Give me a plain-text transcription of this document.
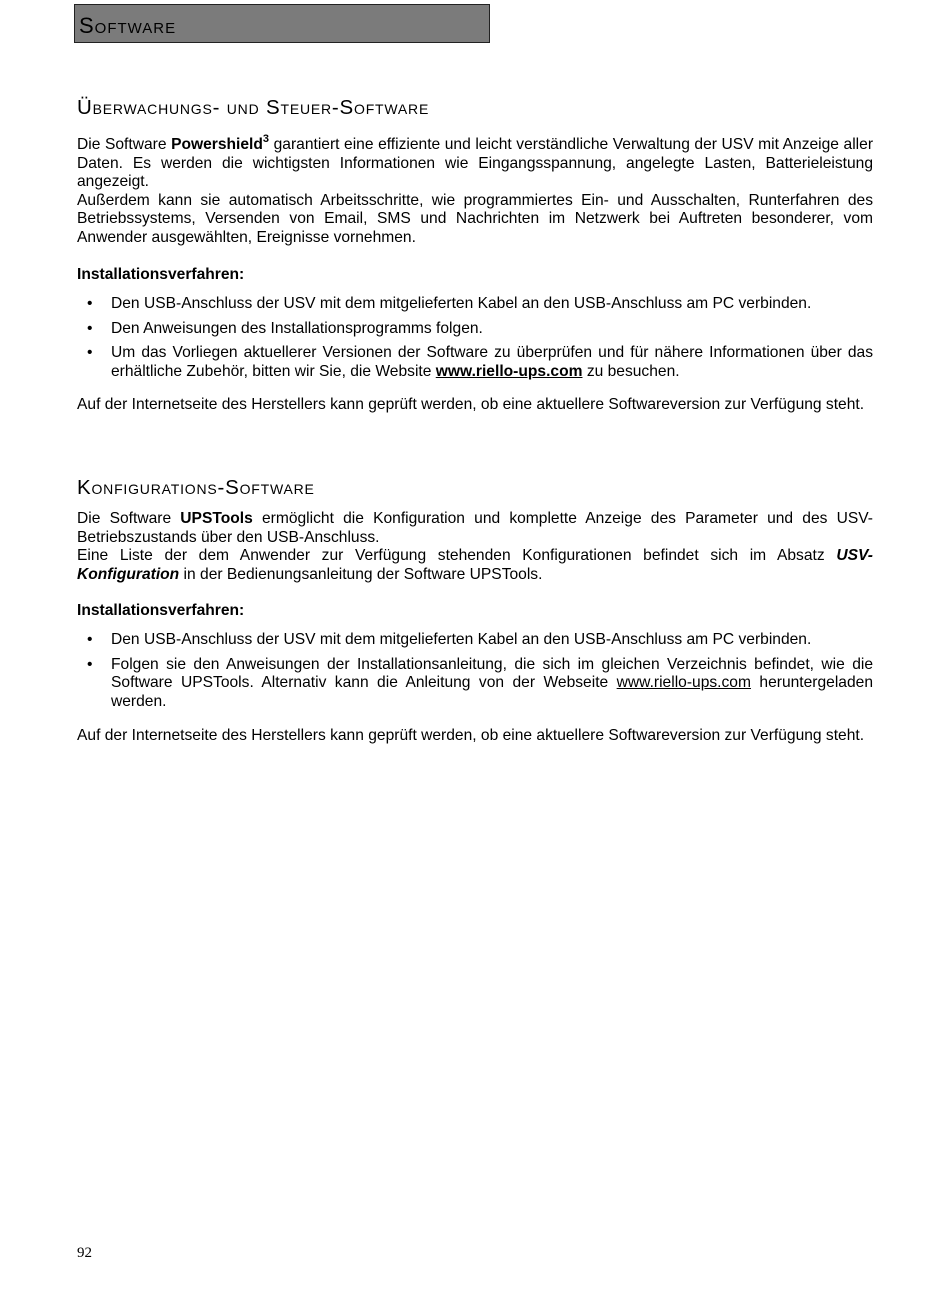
Software
Überwachungs- und Steuer-Software

Die Software Powershield$^3$ garantiert eine effiziente und leicht verständliche Verwaltung der USV mit Anzeige aller Daten. Es werden die wichtigsten Informationen wie Eingangsspannung, angelegte Lasten, Batterieleistung angezeigt.

Außerdem kann sie automatisch Arbeitsschritte, wie programmiertes Ein- und Ausschalten, Runterfahren des Betriebssystems, Versenden von Email, SMS und Nachrichten im Netzwerk bei Auftreten besonderer, vom Anwender ausgewählten, Ereignisse vornehmen.

Installationsverfahren:

• Den USB-Anschluss der USV mit dem mitgelieferten Kabel an den USB-Anschluss am PC verbinden.
• Den Anweisungen des Installationsprogramms folgen.
• Um das Vorliegen aktuellerer Versionen der Software zu überprüfen und für nähere Informationen über das erhältliche Zubehör, bitten wir Sie, die Website www.riello-ups.com zu besuchen.

Auf der Internetseite des Herstellers kann geprüft werden, ob eine aktuellere Softwareversion zur Verfügung steht.

Konfigurations-Software

Die Software UPSTools ermöglicht die Konfiguration und komplette Anzeige des Parameter und des USV-Betriebszustands über den USB-Anschluss.

Eine Liste der dem Anwender zur Verfügung stehenden Konfigurationen befindet sich im Absatz USV-Konfiguration in der Bedienungsanleitung der Software UPSTools.

Installationsverfahren:

• Den USB-Anschluss der USV mit dem mitgelieferten Kabel an den USB-Anschluss am PC verbinden.
• Folgen sie den Anweisungen der Installationsanleitung, die sich im gleichen Verzeichnis befindet, wie die Software UPSTools. Alternativ kann die Anleitung von der Webseite www.riello-ups.com heruntergeladen werden.

Auf der Internetseite des Herstellers kann geprüft werden, ob eine aktuellere Softwareversion zur Verfügung steht.

92
